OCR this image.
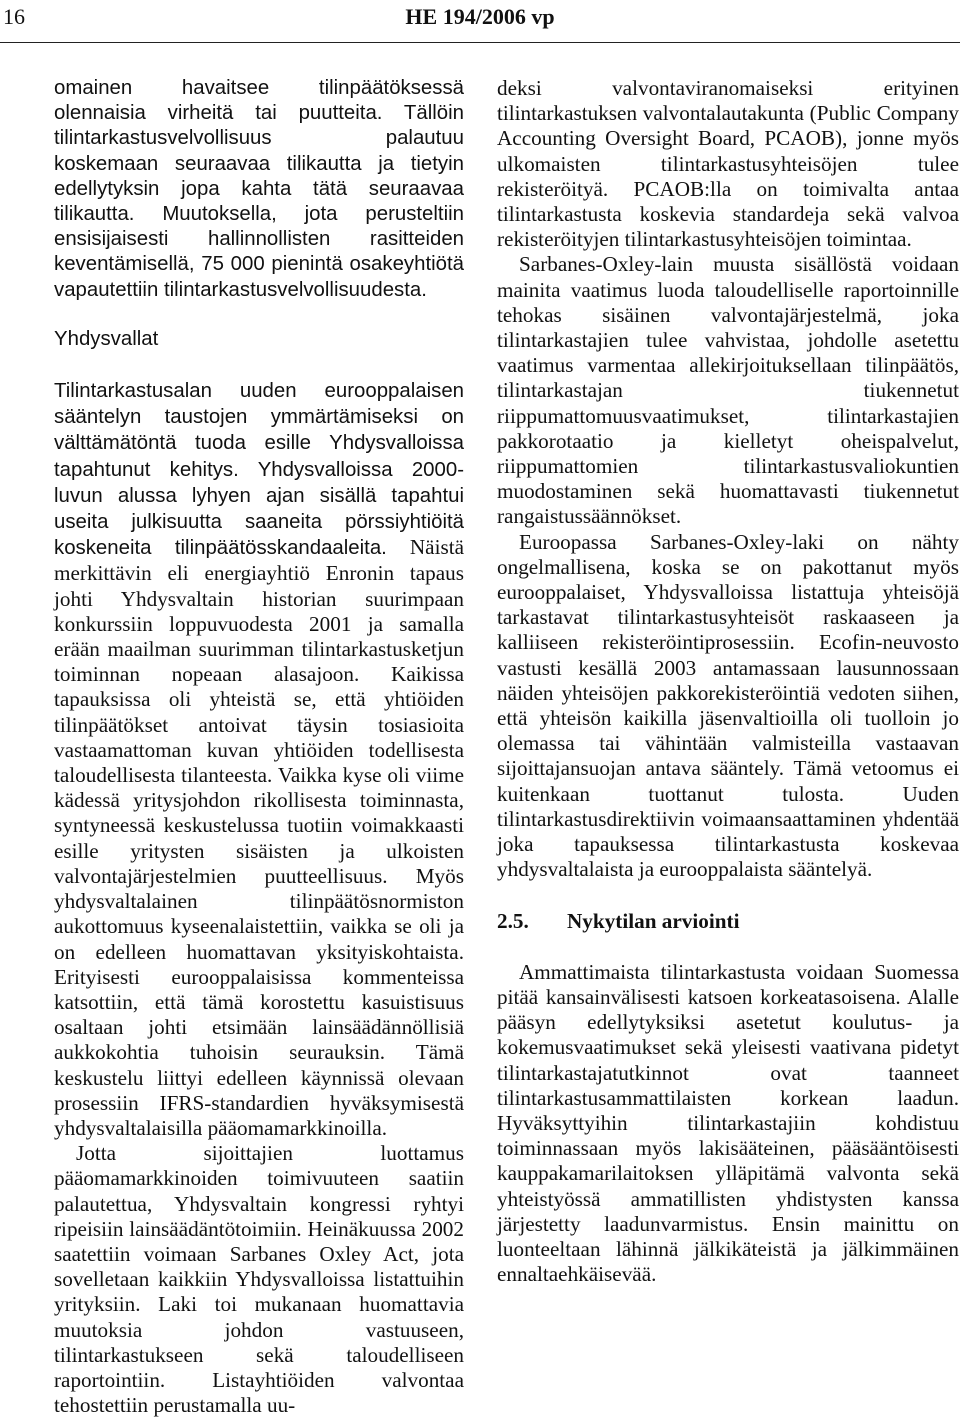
16	HE 194/2006 vp

omainen havaitsee tilinpäätöksessä olennaisia virheitä tai puutteita. Tällöin tilintarkastusvelvollisuus palautuu koskemaan seuraavaa tilikautta ja tietyin edellytyksin jopa kahta tätä seuraavaa tilikautta. Muutoksella, jota perusteltiin ensisijaisesti hallinnollisten rasitteiden keventämisellä, 75 000 pienintä osakeyhtiötä vapautettiin tilintarkastusvelvollisuudesta.

Yhdysvallat

Tilintarkastusalan uuden eurooppalaisen sääntelyn taustojen ymmärtämiseksi on välttämätöntä tuoda esille Yhdysvalloissa tapahtunut kehitys. Yhdysvalloissa 2000-luvun alussa lyhyen ajan sisällä tapahtui useita julkisuutta saaneita pörssiyhtiöitä koskeneita tilinpäätösskandaaleita. Näistä merkittävin eli energiayhtiö Enronin tapaus johti Yhdysvaltain historian suurimpaan konkurssiin loppuvuodesta 2001 ja samalla erään maailman suurimman tilintarkastusketjun toiminnan nopeaan alasajoon. Kaikissa tapauksissa oli yhteistä se, että yhtiöiden tilinpäätökset antoivat täysin tosiasioita vastaamattoman kuvan yhtiöiden todellisesta taloudellisesta tilanteesta. Vaikka kyse oli viime kädessä yritysjohdon rikollisesta toiminnasta, syntyneessä keskustelussa tuotiin voimakkaasti esille yritysten sisäisten ja ulkoisten valvontajärjestelmien puutteellisuus. Myös yhdysvaltalainen tilinpäätösnormiston aukottomuus kyseenalaistettiin, vaikka se oli ja on edelleen huomattavan yksityiskohtaista. Erityisesti eurooppalaisissa kommenteissa katsottiin, että tämä korostettu kasuistisuus osaltaan johti etsimään lainsäädännöllisiä aukkokohtia tuhoisin seurauksin. Tämä keskustelu liittyi edelleen käynnissä olevaan prosessiin IFRS-standardien hyväksymisestä yhdysvaltalaisilla pääomamarkkinoilla.

Jotta sijoittajien luottamus pääomamarkkinoiden toimivuuteen saatiin palautettua, Yhdysvaltain kongressi ryhtyi ripeisiin lainsäädäntötoimiin. Heinäkuussa 2002 saatettiin voimaan Sarbanes Oxley Act, jota sovelletaan kaikkiin Yhdysvalloissa listattuihin yrityksiin. Laki toi mukanaan huomattavia muutoksia johdon vastuuseen, tilintarkastukseen sekä taloudelliseen raportointiin. Listayhtiöiden valvontaa tehostettiin perustamalla uu-

deksi valvontaviranomaiseksi erityinen tilintarkastuksen valvontalautakunta (Public Company Accounting Oversight Board, PCAOB), jonne myös ulkomaisten tilintarkastusyhteisöjen tulee rekisteröityä. PCAOB:lla on toimivalta antaa tilintarkastusta koskevia standardeja sekä valvoa rekisteröityjen tilintarkastusyhteisöjen toimintaa.

Sarbanes-Oxley-lain muusta sisällöstä voidaan mainita vaatimus luoda taloudelliselle raportoinnille tehokas sisäinen valvontajärjestelmä, joka tilintarkastajien tulee vahvistaa, johdolle asetettu vaatimus varmentaa allekirjoituksellaan tilinpäätös, tilintarkastajan tiukennetut riippumattomuusvaatimukset, tilintarkastajien pakkorotaatio ja kielletyt oheispalvelut, riippumattomien tilintarkastusvaliokuntien muodostaminen sekä huomattavasti tiukennetut rangaistussäännökset.

Euroopassa Sarbanes-Oxley-laki on nähty ongelmallisena, koska se on pakottanut myös eurooppalaiset, Yhdysvalloissa listattuja yhteisöjä tarkastavat tilintarkastusyhteisöt raskaaseen ja kalliiseen rekisteröintiprosessiin. Ecofin-neuvosto vastusti kesällä 2003 antamassaan lausunnossaan näiden yhteisöjen pakkorekisteröintiä vedoten siihen, että yhteisön kaikilla jäsenvaltioilla oli tuolloin jo olemassa tai vähintään valmisteilla vastaavan sijoittajansuojan antava sääntely. Tämä vetoomus ei kuitenkaan tuottanut tulosta. Uuden tilintarkastusdirektiivin voimaansaattaminen yhdentää joka tapauksessa tilintarkastusta koskevaa yhdysvaltalaista ja eurooppalaista sääntelyä.

2.5. Nykytilan arviointi

Ammattimaista tilintarkastusta voidaan Suomessa pitää kansainvälisesti katsoen korkeatasoisena. Alalle pääsyn edellytyksiksi asetetut koulutus- ja kokemusvaatimukset sekä yleisesti vaativana pidetyt tilintarkastajatutkinnot ovat taanneet tilintarkastusammattilaisten korkean laadun. Hyväksyttyihin tilintarkastajiin kohdistuu toiminnassaan myös lakisääteinen, pääsääntöisesti kauppakamarilaitoksen ylläpitämä valvonta sekä yhteistyössä ammatillisten yhdistysten kanssa järjestetty laadunvarmistus. Ensin mainittu on luonteeltaan lähinnä jälkikäteistä ja jälkimmäinen ennaltaehkäisevää.
